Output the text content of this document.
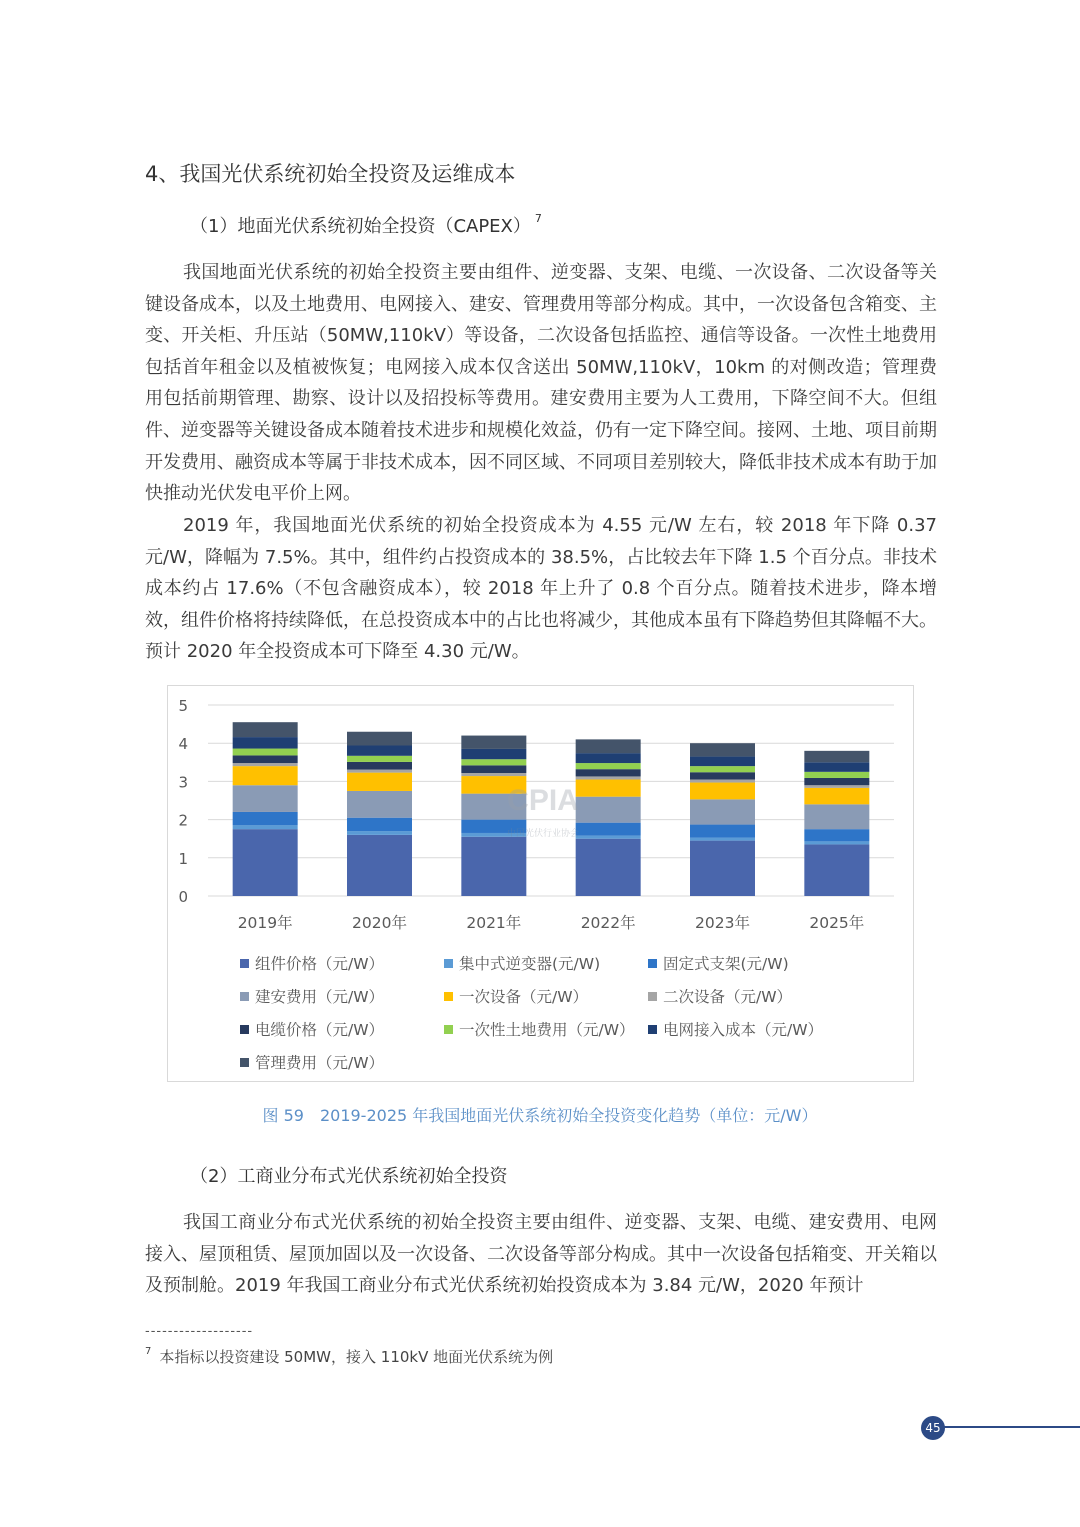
4、我国光伏系统初始全投资及运维成本
（1）地面光伏系统初始全投资（CAPEX） $^7$

我国地面光伏系统的初始全投资主要由组件、逆变器、支架、电缆、一次设备、二次设备等关键设备成本，以及土地费用、电网接入、建安、管理费用等部分构成。其中，一次设备包含箱变、主变、开关柜、升压站（50MW,110kV）等设备，二次设备包括监控、通信等设备。一次性土地费用包括首年租金以及植被恢复；电网接入成本仅含送出 50MW,110kV，10km 的对侧改造；管理费用包括前期管理、勘察、设计以及招投标等费用。建安费用主要为人工费用，下降空间不大。但组件、逆变器等关键设备成本随着技术进步和规模化效益，仍有一定下降空间。接网、土地、项目前期开发费用、融资成本等属于非技术成本，因不同区域、不同项目差别较大，降低非技术成本有助于加快推动光伏发电平价上网。

2019 年，我国地面光伏系统的初始全投资成本为 4.55 元/W 左右，较 2018 年下降 0.37 元/W，降幅为 7.5%。其中，组件约占投资成本的 38.5%，占比较去年下降 1.5 个百分点。非技术成本约占 17.6%（不包含融资成本），较 2018 年上升了 0.8 个百分点。随着技术进步，降本增效，组件价格将持续降低，在总投资成本中的占比也将减少，其他成本虽有下降趋势但其降幅不大。预计 2020 年全投资成本可下降至 4.30 元/W。

CPIA
中国光伏行业协会
0
1
2
3
4
5
2019年	2020年	2021年	2022年	2023年	2025年
组件价格（元/W）	集中式逆变器(元/W)	固定式支架(元/W)
建安费用（元/W）	一次设备（元/W）	二次设备（元/W）
电缆价格（元/W）	一次性土地费用（元/W） 电网接入成本（元/W）
管理费用（元/W）
图 59　2019-2025 年我国地面光伏系统初始全投资变化趋势（单位：元/W）
（2）工商业分布式光伏系统初始全投资

我国工商业分布式光伏系统的初始全投资主要由组件、逆变器、支架、电缆、建安费用、电网接入、屋顶租赁、屋顶加固以及一次设备、二次设备等部分构成。其中一次设备包括箱变、开关箱以及预制舱。2019 年我国工商业分布式光伏系统初始投资成本为 3.84 元/W，2020 年预计

-------------------
$^7$ 本指标以投资建设 50MW，接入 110kV 地面光伏系统为例
45
